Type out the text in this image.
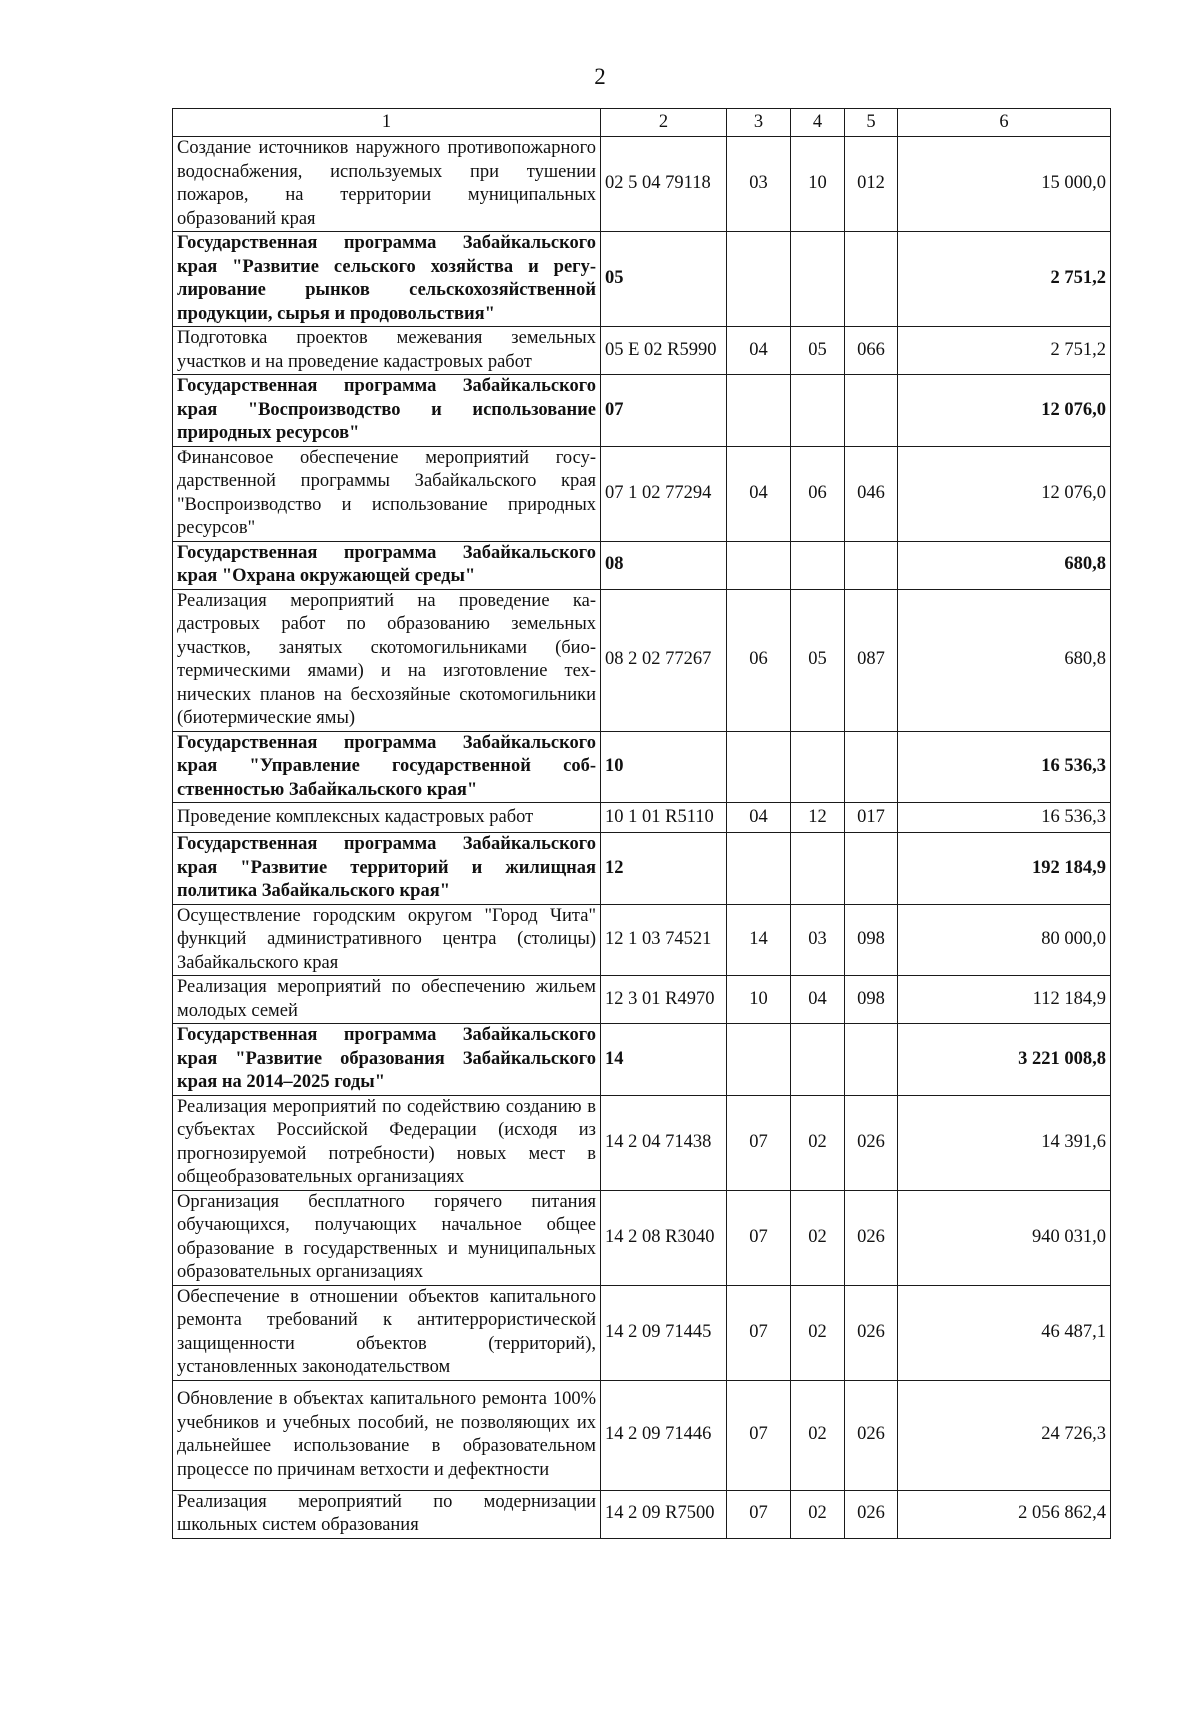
2
1	2	3	4	5	6
Создание источников наружного противопожарного водоснабжения, используемых при тушении пожаров, на территории муниципальных образований края	02 5 04 79118	03	10	012	15 000,0
Государственная программа Забайкальского края "Развитие сельского хозяйства и регулирование рынков сельскохозяйственной продукции, сырья и продовольствия"	05				2 751,2
Подготовка проектов межевания земельных участков и на проведение кадастровых работ	05 Е 02 R5990	04	05	066	2 751,2
Государственная программа Забайкальского края "Воспроизводство и использование природных ресурсов"	07				12 076,0
Финансовое обеспечение мероприятий государственной программы Забайкальского края "Воспроизводство и использование природных ресурсов"	07 1 02 77294	04	06	046	12 076,0
Государственная программа Забайкальского края "Охрана окружающей среды"	08				680,8
Реализация мероприятий на проведение кадастровых работ по образованию земельных участков, занятых скотомогильниками (биотермическими ямами) и на изготовление технических планов на бесхозяйные скотомогильники (биотермические ямы)	08 2 02 77267	06	05	087	680,8
Государственная программа Забайкальского края "Управление государственной собственностью Забайкальского края"	10				16 536,3
Проведение комплексных кадастровых работ	10 1 01 R5110	04	12	017	16 536,3
Государственная программа Забайкальского края "Развитие территорий и жилищная политика Забайкальского края"	12				192 184,9
Осуществление городским округом "Город Чита" функций административного центра (столицы) Забайкальского края	12 1 03 74521	14	03	098	80 000,0
Реализация мероприятий по обеспечению жильем молодых семей	12 3 01 R4970	10	04	098	112 184,9
Государственная программа Забайкальского края "Развитие образования Забайкальского края на 2014–2025 годы"	14				3 221 008,8
Реализация мероприятий по содействию созданию в субъектах Российской Федерации (исходя из прогнозируемой потребности) новых мест в общеобразовательных организациях	14 2 04 71438	07	02	026	14 391,6
Организация бесплатного горячего питания обучающихся, получающих начальное общее образование в государственных и муниципальных образовательных организациях	14 2 08 R3040	07	02	026	940 031,0
Обеспечение в отношении объектов капитального ремонта требований к антитеррористической защищенности объектов (территорий), установленных законодательством	14 2 09 71445	07	02	026	46 487,1
Обновление в объектах капитального ремонта 100% учебников и учебных пособий, не позволяющих их дальнейшее использование в образовательном процессе по причинам ветхости и дефектности	14 2 09 71446	07	02	026	24 726,3
Реализация мероприятий по модернизации школьных систем образования	14 2 09 R7500	07	02	026	2 056 862,4
